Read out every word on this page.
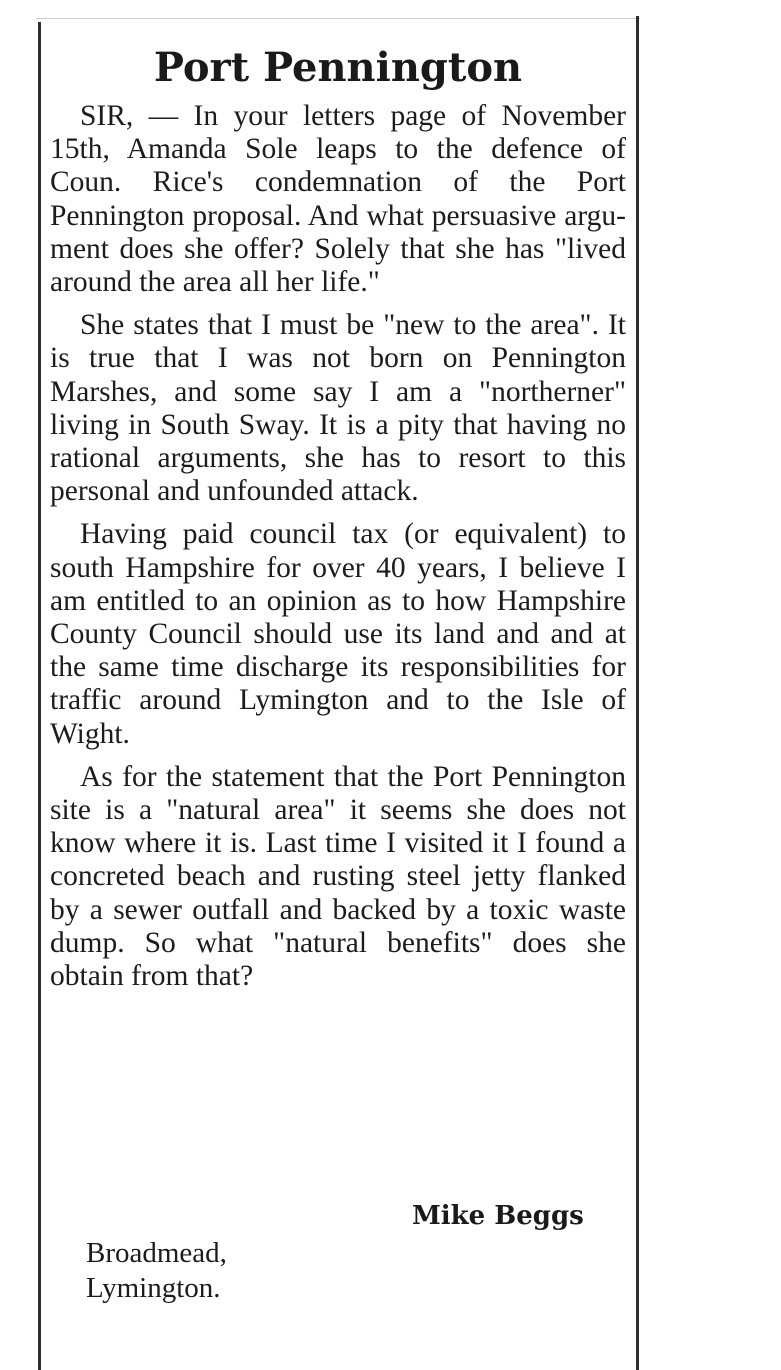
Port Pennington

SIR, — In your letters page of November 15th, Amanda Sole leaps to the defence of Coun. Rice's condemnation of the Port Pennington proposal. And what persuasive argument does she offer? Solely that she has "lived around the area all her life."

She states that I must be "new to the area". It is true that I was not born on Pennington Marshes, and some say I am a "northerner" living in South Sway. It is a pity that having no rational arguments, she has to resort to this personal and unfounded attack.

Having paid council tax (or equivalent) to south Hampshire for over 40 years, I believe I am entitled to an opinion as to how Hampshire County Council should use its land and and at the same time discharge its responsibilities for traffic around Lymington and to the Isle of Wight.

As for the statement that the Port Pennington site is a "natural area" it seems she does not know where it is. Last time I visited it I found a concreted beach and rusting steel jetty flanked by a sewer outfall and backed by a toxic waste dump. So what "natural benefits" does she obtain from that?

Mike Beggs

Broadmead,
Lymington.
